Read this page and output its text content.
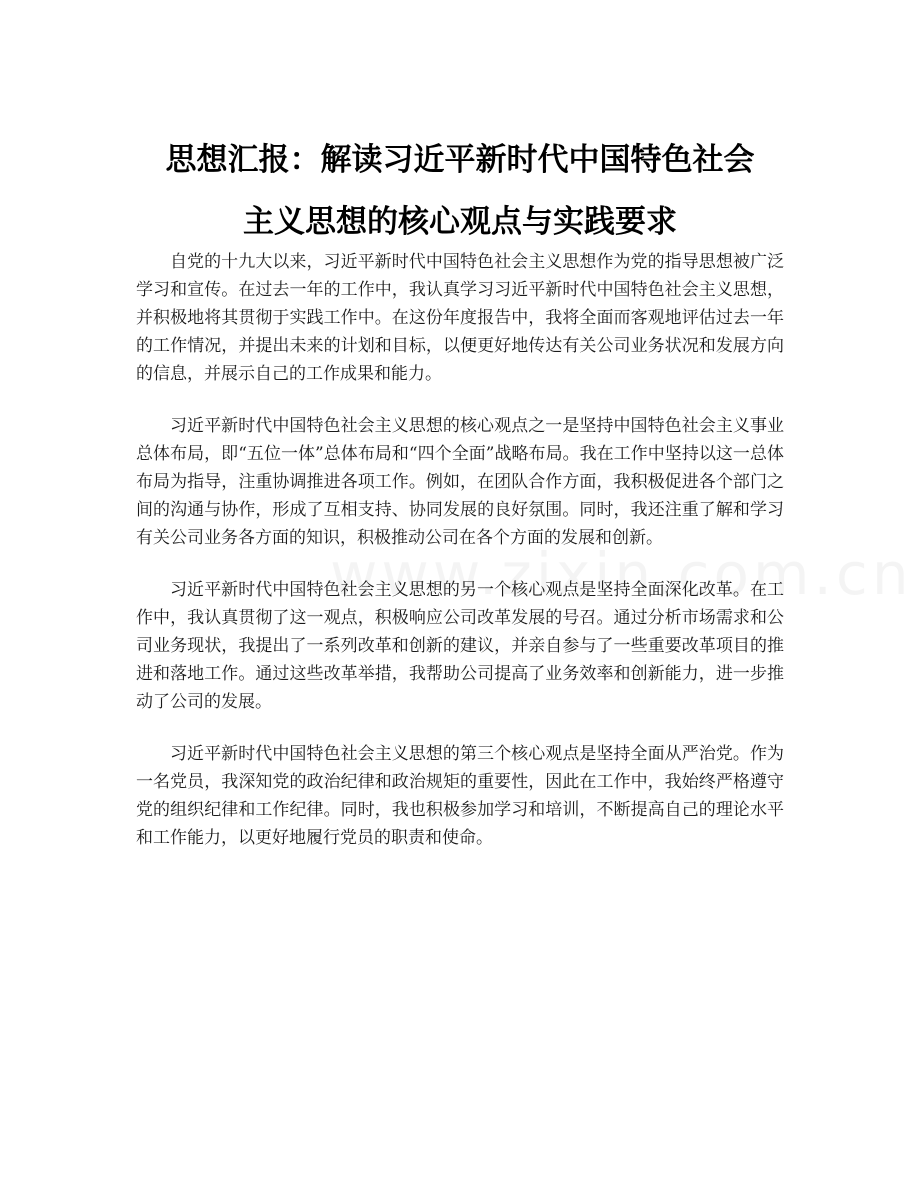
思想汇报：解读习近平新时代中国特色社会
主义思想的核心观点与实践要求

自党的十九大以来，习近平新时代中国特色社会主义思想作为党的指导思想被广泛学习和宣传。在过去一年的工作中，我认真学习习近平新时代中国特色社会主义思想，并积极地将其贯彻于实践工作中。在这份年度报告中，我将全面而客观地评估过去一年的工作情况，并提出未来的计划和目标，以便更好地传达有关公司业务状况和发展方向的信息，并展示自己的工作成果和能力。

习近平新时代中国特色社会主义思想的核心观点之一是坚持中国特色社会主义事业总体布局，即“五位一体”总体布局和“四个全面”战略布局。我在工作中坚持以这一总体布局为指导，注重协调推进各项工作。例如，在团队合作方面，我积极促进各个部门之间的沟通与协作，形成了互相支持、协同发展的良好氛围。同时，我还注重了解和学习有关公司业务各方面的知识，积极推动公司在各个方面的发展和创新。

习近平新时代中国特色社会主义思想的另一个核心观点是坚持全面深化改革。在工作中，我认真贯彻了这一观点，积极响应公司改革发展的号召。通过分析市场需求和公司业务现状，我提出了一系列改革和创新的建议，并亲自参与了一些重要改革项目的推进和落地工作。通过这些改革举措，我帮助公司提高了业务效率和创新能力，进一步推动了公司的发展。

习近平新时代中国特色社会主义思想的第三个核心观点是坚持全面从严治党。作为一名党员，我深知党的政治纪律和政治规矩的重要性，因此在工作中，我始终严格遵守党的组织纪律和工作纪律。同时，我也积极参加学习和培训，不断提高自己的理论水平和工作能力，以更好地履行党员的职责和使命。
